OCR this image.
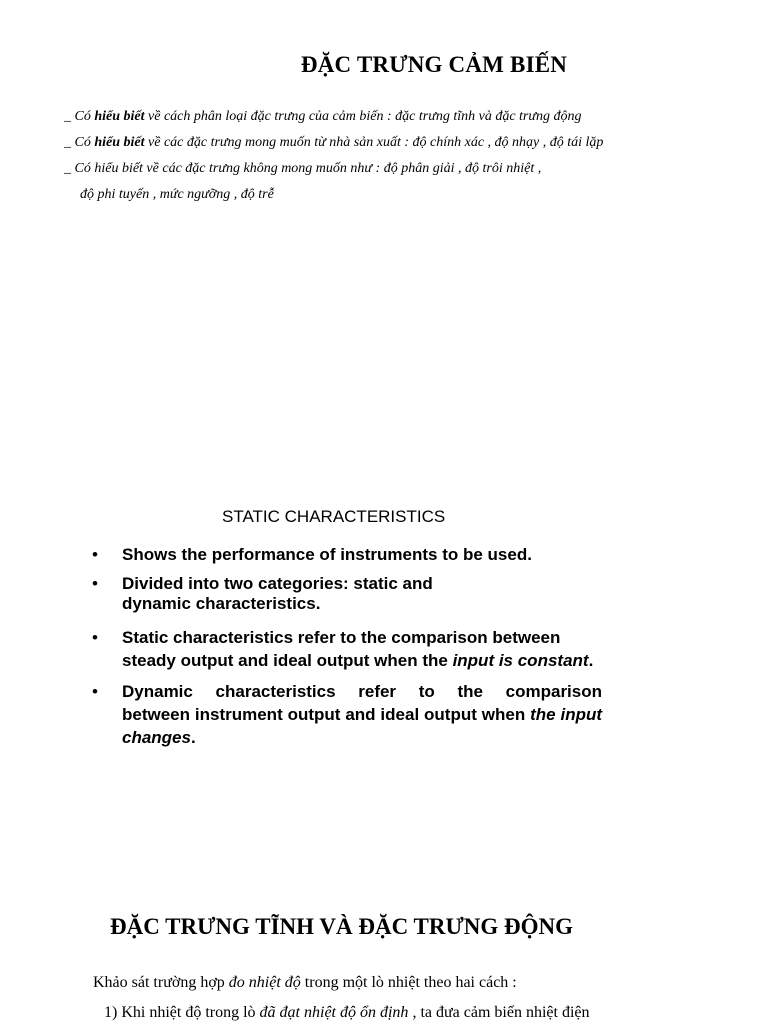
ĐẶC TRƯNG CẢM BIẾN
_ Có hiểu biết về cách phân loại đặc trưng của cảm biến : đặc trưng tĩnh và đặc trưng động
_ Có hiểu biết về các đặc trưng mong muốn từ nhà sản xuất : độ chính xác , độ nhạy , độ tái lặp
_ Có hiểu biết về các đặc trưng không mong muốn như : độ phân giải , độ trôi nhiệt ,
độ phi tuyến , mức ngưỡng , độ trễ
STATIC CHARACTERISTICS
• Shows the performance of instruments to be used.
• Divided into two categories: static and
dynamic characteristics.
• Static characteristics refer to the comparison between steady output and ideal output when the input is constant.
• Dynamic characteristics refer to the comparison
between instrument output and ideal output when the input changes.
ĐẶC TRƯNG TĨNH VÀ ĐẶC TRƯNG ĐỘNG
Khảo sát trường hợp đo nhiệt độ trong một lò nhiệt theo hai cách :
1) Khi nhiệt độ trong lò đã đạt nhiệt độ ổn định , ta đưa cảm biến nhiệt điện
